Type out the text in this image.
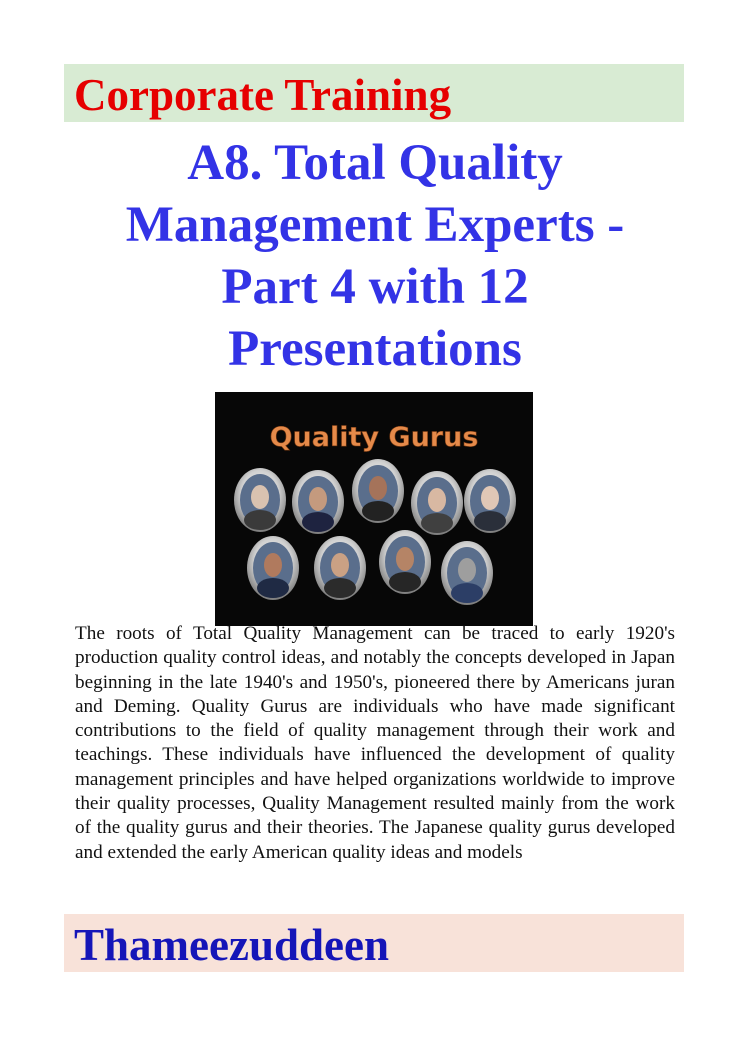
Corporate Training
A8. Total Quality
Management Experts -
Part 4 with 12
Presentations
Quality Gurus
The roots of Total Quality Management can be traced to early 1920's production quality control ideas, and notably the concepts developed in Japan beginning in the late 1940's and 1950's, pioneered there by Americans juran and Deming. Quality Gurus are individuals who have made significant contributions to the field of quality management through their work and teachings. These individuals have influenced the development of quality management principles and have helped organizations worldwide to improve their quality processes, Quality Management resulted mainly from the work of the quality gurus and their theories. The Japanese quality gurus developed and extended the early American quality ideas and models
Thameezuddeen
